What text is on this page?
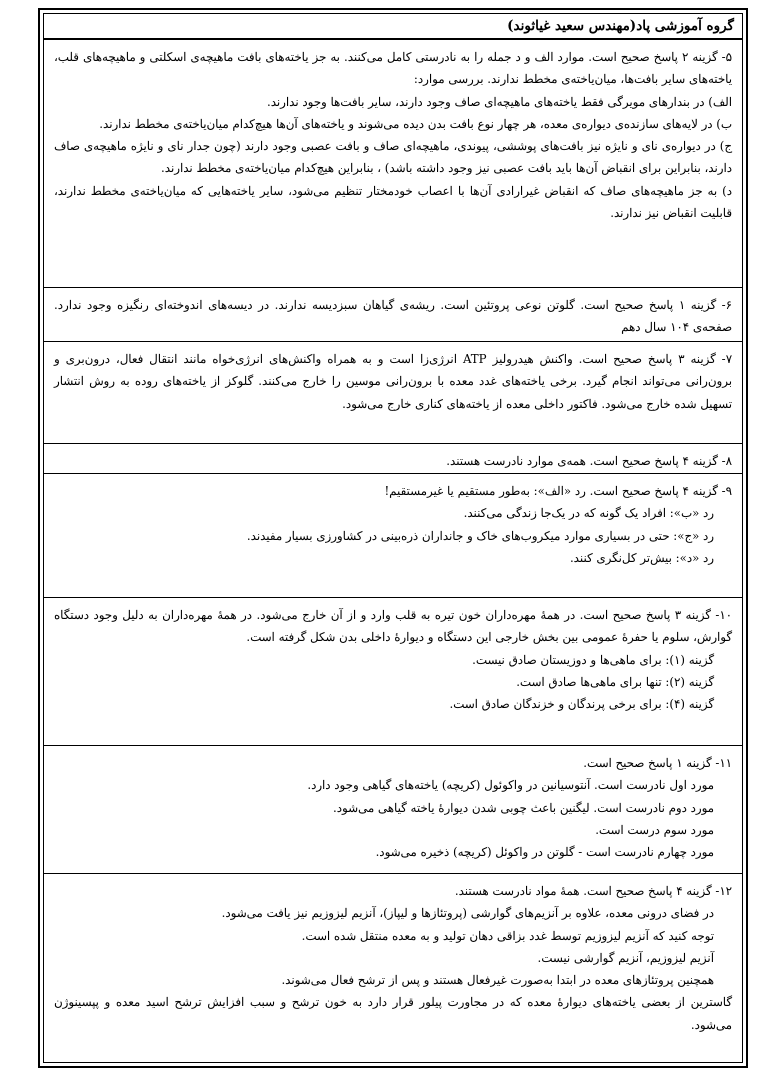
گروه آموزشی پاد(مهندس سعید غیاثوند)

۵- گزینه ۲ پاسخ صحیح است. موارد الف و د جمله را به نادرستی کامل می‌کنند. به جز یاخته‌های بافت ماهیچه‌ی اسکلتی و ماهیچه‌های قلب، یاخته‌های سایر بافت‌ها، میان‌یاخته‌ی مخطط ندارند. بررسی موارد:

الف) در بندارهای مویرگی فقط یاخته‌های ماهیچه‌ای صاف وجود دارند، سایر بافت‌ها وجود ندارند.

ب) در لایه‌های سازنده‌ی دیواره‌ی معده، هر چهار نوع بافت بدن دیده می‌شوند و یاخته‌های آن‌ها هیچ‌کدام میان‌یاخته‌ی مخطط ندارند.

ج) در دیواره‌ی نای و نایژه نیز بافت‌های پوششی، پیوندی، ماهیچه‌ای صاف و بافت عصبی وجود دارند (چون جدار نای و نایژه ماهیچه‌ی صاف دارند، بنابراین برای انقباض آن‌ها باید بافت عصبی نیز وجود داشته باشد) ، بنابراین هیچ‌کدام میان‌یاخته‌ی مخطط ندارند.

د) به جز ماهیچه‌های صاف که انقباض غیرارادی آن‌ها با اعصاب خودمختار تنظیم می‌شود، سایر یاخته‌هایی که میان‌یاخته‌ی مخطط ندارند، قابلیت انقباض نیز ندارند.

۶- گزینه ۱ پاسخ صحیح است. گلوتن نوعی پروتئین است. ریشه‌ی گیاهان سبزدیسه ندارند. در دیسه‌های اندوخته‌ای رنگیزه وجود ندارد. صفحه‌ی ۱۰۴ سال دهم

۷- گزینه ۳ پاسخ صحیح است. واکنش هیدرولیز ATP انرژی‌زا است و به همراه واکنش‌های انرژی‌خواه مانند انتقال فعال، درون‌بری و برون‌رانی می‌تواند انجام گیرد. برخی یاخته‌های غدد معده با برون‌رانی موسین را خارج می‌کنند. گلوکز از یاخته‌های روده به روش انتشار تسهیل شده خارج می‌شود. فاکتور داخلی معده از یاخته‌های کناری خارج می‌شود.

۸- گزینه ۴ پاسخ صحیح است. همه‌ی موارد نادرست هستند.

۹- گزینه ۴ پاسخ صحیح است. رد «الف»: به‌طور مستقیم یا غیرمستقیم!

رد «ب»: افراد یک گونه که در یک‌جا زندگی می‌کنند.

رد «ج»: حتی در بسیاری موارد میکروب‌های خاک و جانداران ذره‌بینی در کشاورزی بسیار مفیدند.

رد «د»: بیش‌تر کل‌نگری کنند.

۱۰- گزینه ۳ پاسخ صحیح است. در همهٔ مهره‌داران خون تیره به قلب وارد و از آن خارج می‌شود. در همهٔ مهره‌داران به دلیل وجود دستگاه گوارش، سلوم یا حفرهٔ عمومی بین بخش خارجی این دستگاه و دیوارهٔ داخلی بدن شکل گرفته است.

گزینه (۱): برای ماهی‌ها و دوزیستان صادق نیست.

گزینه (۲): تنها برای ماهی‌ها صادق است.

گزینه (۴): برای برخی پرندگان و خزندگان صادق است.

۱۱- گزینه ۱ پاسخ صحیح است.

مورد اول نادرست است. آنتوسیانین در واکوئول (کریچه) یاخته‌های گیاهی وجود دارد.

مورد دوم نادرست است. لیگنین باعث چوبی شدن دیوارهٔ یاخته گیاهی می‌شود.

مورد سوم درست است.

مورد چهارم نادرست است - گلوتن در واکوئل (کریچه) ذخیره می‌شود.

۱۲- گزینه ۴ پاسخ صحیح است. همهٔ مواد نادرست هستند.

در فضای درونی معده، علاوه بر آنزیم‌های گوارشی (پروتئازها و لیپاز)، آنزیم لیزوزیم نیز یافت می‌شود.

توجه کنید که آنزیم لیزوزیم توسط غدد بزاقی دهان تولید و به معده منتقل شده است.

آنزیم لیزوزیم، آنزیم گوارشی نیست.

همچنین پروتئازهای معده در ابتدا به‌صورت غیرفعال هستند و پس از ترشح فعال می‌شوند.

گاسترین از بعضی یاخته‌های دیوارهٔ معده که در مجاورت پیلور قرار دارد به خون ترشح و سبب افزایش ترشح اسید معده و پپسینوژن می‌شود.
